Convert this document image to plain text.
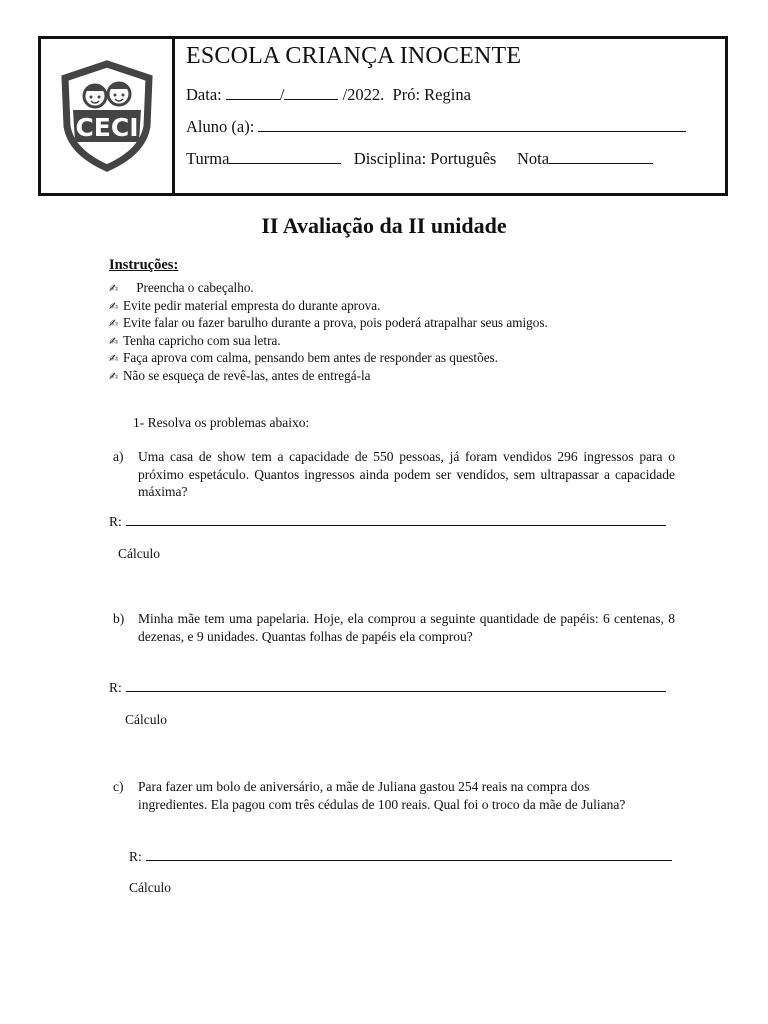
CECI
ESCOLA CRIANÇA INOCENTE
Data:	/	/2022. Pró: Regina
Aluno (a):
Turma	Disciplina: Português Nota
II Avaliação da II unidade
Instruções:
✍ Preencha o cabeçalho.
✍ Evite pedir material empresta do durante aprova.
✍ Evite falar ou fazer barulho durante a prova, pois poderá atrapalhar seus amigos.
✍ Tenha capricho com sua letra.
✍ Faça aprova com calma, pensando bem antes de responder as questões.
✍ Não se esqueça de revê-las, antes de entregá-la
1- Resolva os problemas abaixo:
a) Uma casa de show tem a capacidade de 550 pessoas, já foram vendidos 296 ingressos para o próximo espetáculo. Quantos ingressos ainda podem ser vendidos, sem ultrapassar a capacidade máxima?
R:
Cálculo
b) Minha mãe tem uma papelaria. Hoje, ela comprou a seguinte quantidade de papéis: 6 centenas, 8 dezenas, e 9 unidades. Quantas folhas de papéis ela comprou?
R:
Cálculo
c) Para fazer um bolo de aniversário, a mãe de Juliana gastou 254 reais na compra dos ingredientes. Ela pagou com três cédulas de 100 reais. Qual foi o troco da mãe de Juliana?
R:
Cálculo
